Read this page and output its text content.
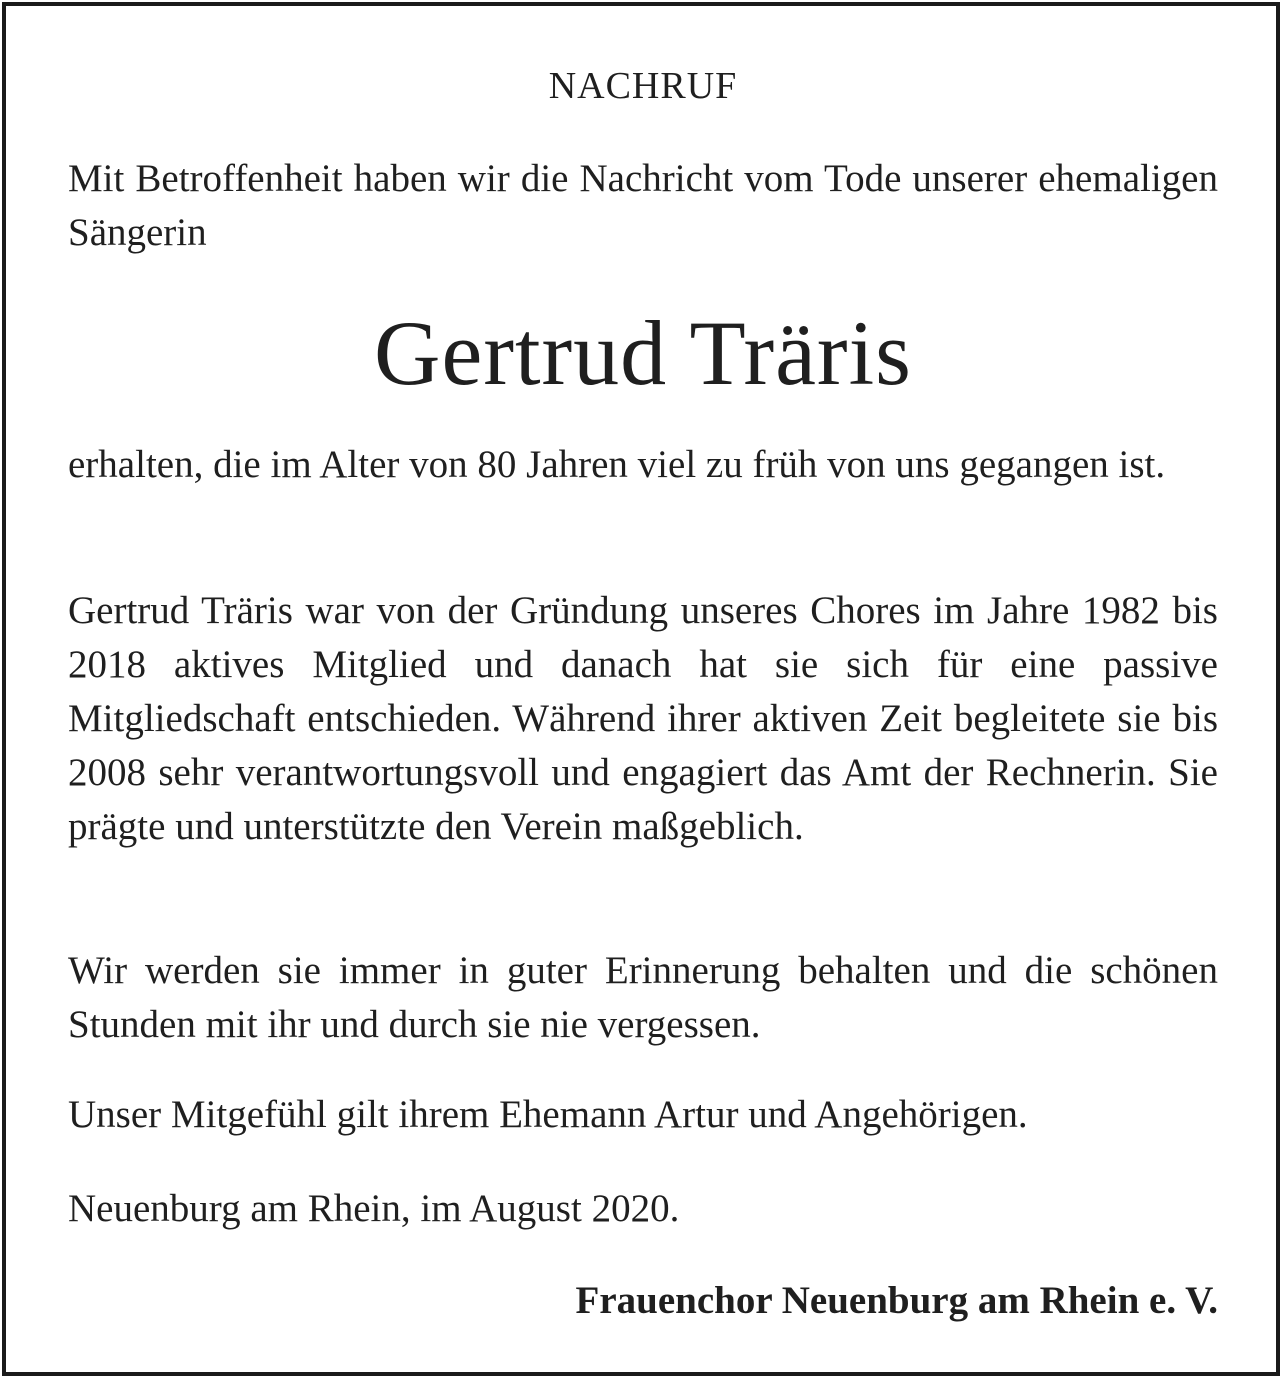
NACHRUF

Mit Betroffenheit haben wir die Nachricht vom Tode unserer ehemaligen Sängerin

Gertrud Träris

erhalten, die im Alter von 80 Jahren viel zu früh von uns gegangen ist.

Gertrud Träris war von der Gründung unseres Chores im Jahre 1982 bis 2018 aktives Mitglied und danach hat sie sich für eine passive Mitgliedschaft entschieden. Während ihrer aktiven Zeit begleitete sie bis 2008 sehr verantwortungsvoll und engagiert das Amt der Rechnerin. Sie prägte und unterstützte den Verein maßgeblich.

Wir werden sie immer in guter Erinnerung behalten und die schönen Stunden mit ihr und durch sie nie vergessen.

Unser Mitgefühl gilt ihrem Ehemann Artur und Angehörigen.

Neuenburg am Rhein, im August 2020.

Frauenchor Neuenburg am Rhein e. V.
